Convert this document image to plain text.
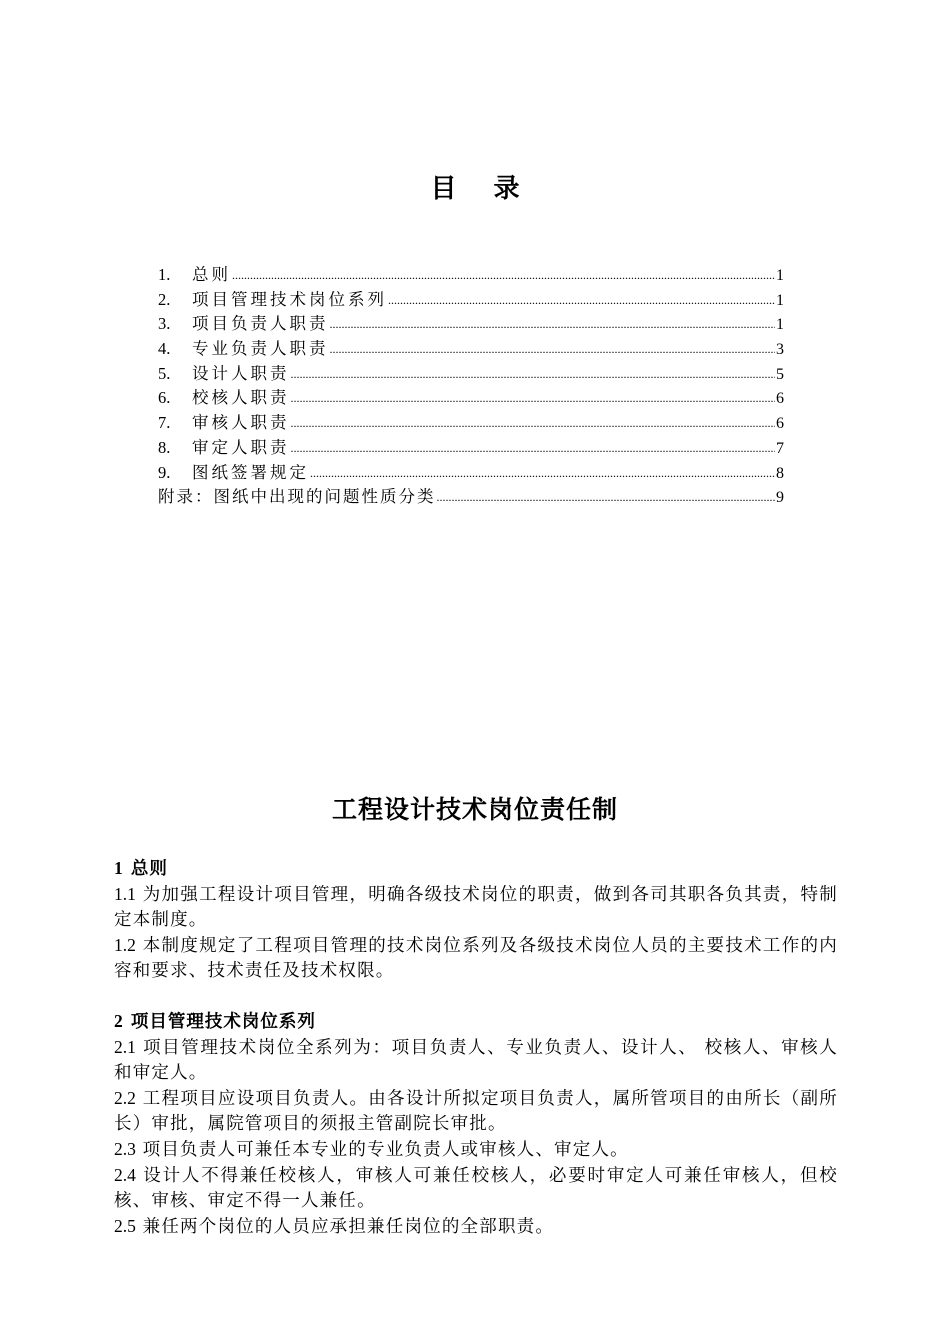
目 录
1.	总则 .....	1
2.	项目管理技术岗位系列 .....	1
3.	项目负责人职责 .....	1
4.	专业负责人职责 .....	3
5.	设计人职责 .....	5
6.	校核人职责 .....	6
7.	审核人职责 .....	6
8.	审定人职责 .....	7
9.	图纸签署规定 .....	8
附录：图纸中出现的问题性质分类 .....	9
工程设计技术岗位责任制
1 总则
1.1 为加强工程设计项目管理，明确各级技术岗位的职责，做到各司其职各负其责，特制定本制度。
1.2 本制度规定了工程项目管理的技术岗位系列及各级技术岗位人员的主要技术工作的内容和要求、技术责任及技术权限。
2 项目管理技术岗位系列
2.1 项目管理技术岗位全系列为：项目负责人、专业负责人、设计人、 校核人、审核人和审定人。
2.2 工程项目应设项目负责人。由各设计所拟定项目负责人，属所管项目的由所长（副所长）审批，属院管项目的须报主管副院长审批。
2.3 项目负责人可兼任本专业的专业负责人或审核人、审定人。
2.4 设计人不得兼任校核人，审核人可兼任校核人，必要时审定人可兼任审核人，但校核、审核、审定不得一人兼任。
2.5 兼任两个岗位的人员应承担兼任岗位的全部职责。
